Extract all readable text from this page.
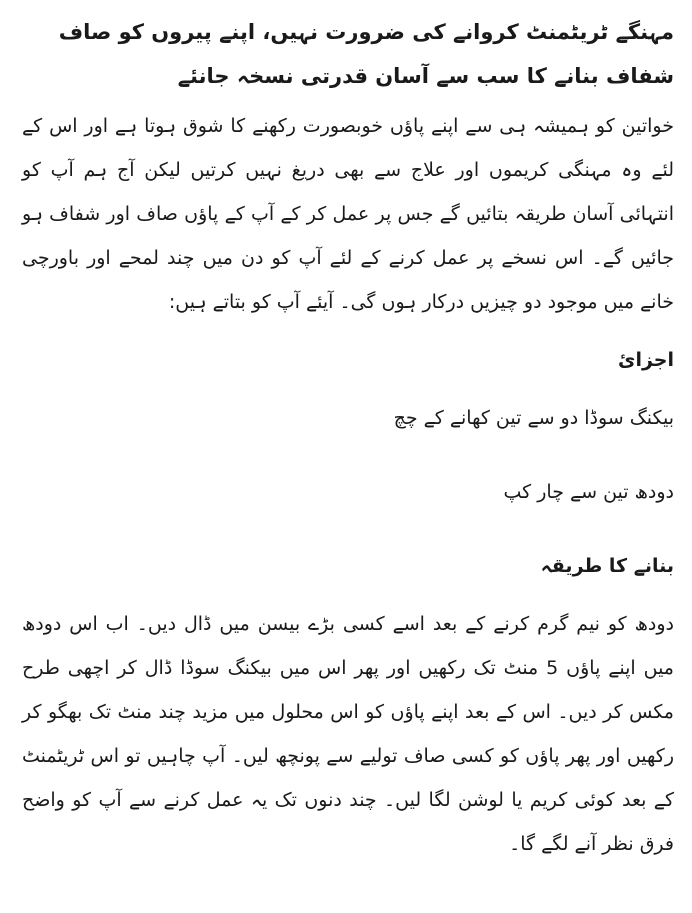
مہنگے ٹریٹمنٹ کروانے کی ضرورت نہیں، اپنے پیروں کو صاف شفاف بنانے کا سب سے آسان قدرتی نسخہ جانئے
خواتین کو ہمیشہ ہی سے اپنے پاؤں خوبصورت رکھنے کا شوق ہوتا ہے اور اس کے لئے وہ مہنگی کریموں اور علاج سے بھی دریغ نہیں کرتیں لیکن آج ہم آپ کو انتہائی آسان طریقہ بتائیں گے جس پر عمل کر کے آپ کے پاؤں صاف اور شفاف ہو جائیں گے۔ اس نسخے پر عمل کرنے کے لئے آپ کو دن میں چند لمحے اور باورچی خانے میں موجود دو چیزیں درکار ہوں گی۔ آیئے آپ کو بتاتے ہیں:
اجزائ
بیکنگ سوڈا دو سے تین کھانے کے چچ
دودھ تین سے چار کپ
بنانے کا طریقہ
دودھ کو نیم گرم کرنے کے بعد اسے کسی بڑے بیسن میں ڈال دیں۔ اب اس دودھ میں اپنے پاؤں 5 منٹ تک رکھیں اور پھر اس میں بیکنگ سوڈا ڈال کر اچھی طرح مکس کر دیں۔ اس کے بعد اپنے پاؤں کو اس محلول میں مزید چند منٹ تک بھگو کر رکھیں اور پھر پاؤں کو کسی صاف تولیے سے پونچھ لیں۔ آپ چاہیں تو اس ٹریٹمنٹ کے بعد کوئی کریم یا لوشن لگا لیں۔ چند دنوں تک یہ عمل کرنے سے آپ کو واضح فرق نظر آنے لگے گا۔
